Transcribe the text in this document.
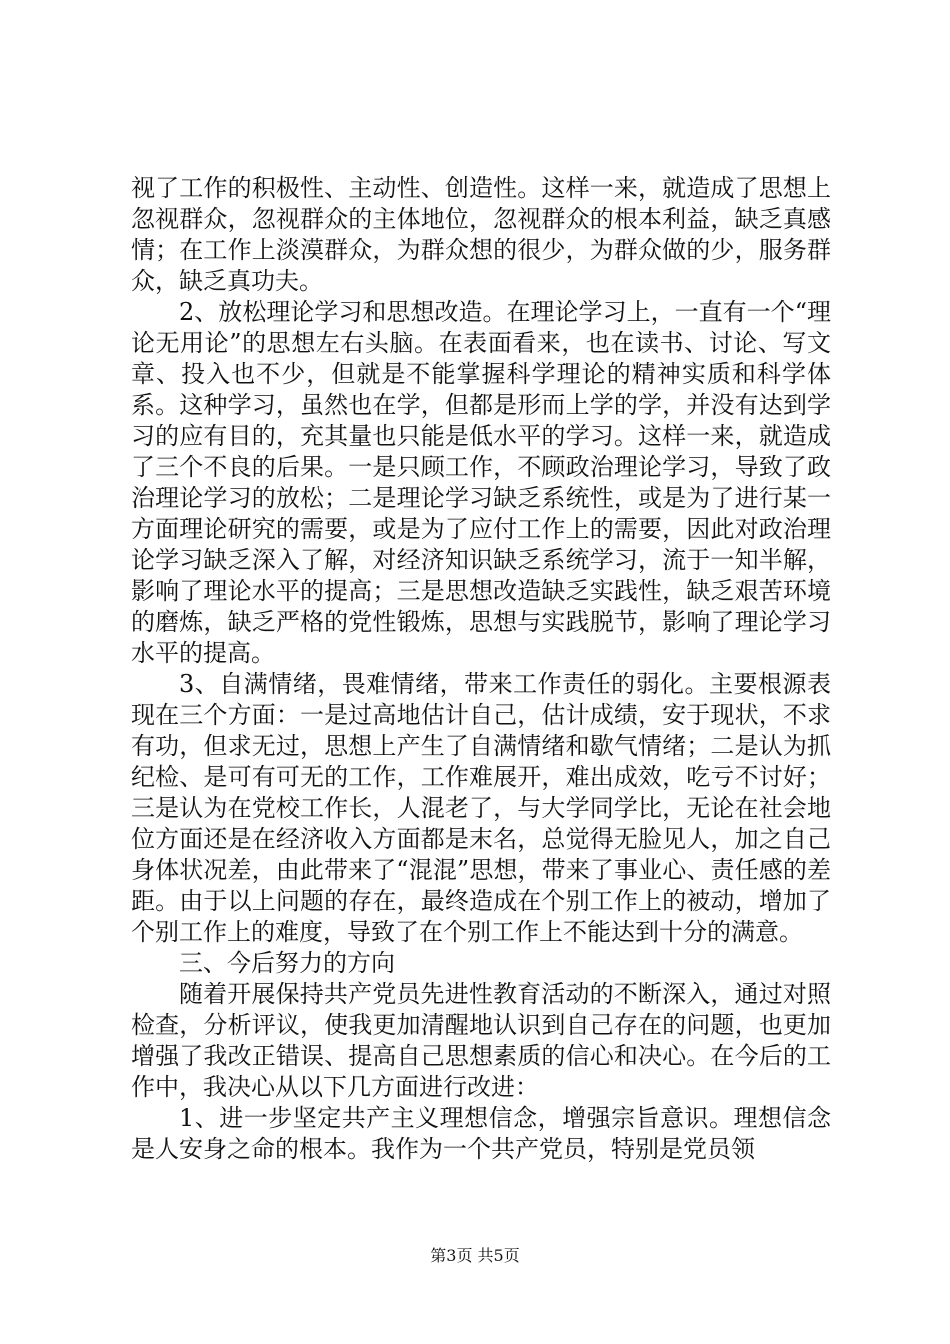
视了工作的积极性、主动性、创造性。这样一来，就造成了思想上忽视群众，忽视群众的主体地位，忽视群众的根本利益，缺乏真感情；在工作上淡漠群众，为群众想的很少，为群众做的少，服务群众，缺乏真功夫。

2、放松理论学习和思想改造。在理论学习上，一直有一个“理论无用论”的思想左右头脑。在表面看来，也在读书、讨论、写文章、投入也不少，但就是不能掌握科学理论的精神实质和科学体系。这种学习，虽然也在学，但都是形而上学的学，并没有达到学习的应有目的，充其量也只能是低水平的学习。这样一来，就造成了三个不良的后果。一是只顾工作，不顾政治理论学习，导致了政治理论学习的放松；二是理论学习缺乏系统性，或是为了进行某一方面理论研究的需要，或是为了应付工作上的需要，因此对政治理论学习缺乏深入了解，对经济知识缺乏系统学习，流于一知半解，影响了理论水平的提高；三是思想改造缺乏实践性，缺乏艰苦环境的磨炼，缺乏严格的党性锻炼，思想与实践脱节，影响了理论学习水平的提高。

3、自满情绪，畏难情绪，带来工作责任的弱化。主要根源表现在三个方面：一是过高地估计自己，估计成绩，安于现状，不求有功，但求无过，思想上产生了自满情绪和歇气情绪；二是认为抓纪检、是可有可无的工作，工作难展开，难出成效，吃亏不讨好；三是认为在党校工作长，人混老了，与大学同学比，无论在社会地位方面还是在经济收入方面都是末名，总觉得无脸见人，加之自己身体状况差，由此带来了“混混”思想，带来了事业心、责任感的差距。由于以上问题的存在，最终造成在个别工作上的被动，增加了个别工作上的难度，导致了在个别工作上不能达到十分的满意。

三、今后努力的方向

随着开展保持共产党员先进性教育活动的不断深入，通过对照检查，分析评议，使我更加清醒地认识到自己存在的问题，也更加增强了我改正错误、提高自己思想素质的信心和决心。在今后的工作中，我决心从以下几方面进行改进：

1、进一步坚定共产主义理想信念，增强宗旨意识。理想信念是人安身之命的根本。我作为一个共产党员，特别是党员领

第3页 共5页
